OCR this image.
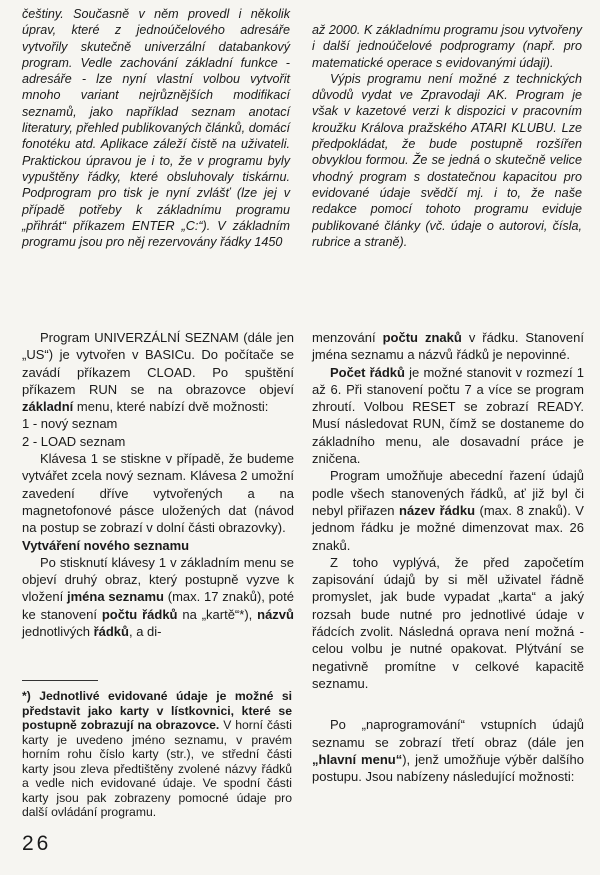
češtiny. Současně v něm provedl i několik úprav, které z jednoúčelového adresáře vytvořily skutečně univerzální databankový program. Vedle zachování základní funkce - adresáře - lze nyní vlastní volbou vytvořit mnoho variant nejrůznějších modifikací seznamů, jako například seznam anotací literatury, přehled publikovaných článků, domácí fonotéku atd. Aplikace záleží čistě na uživateli. Praktickou úpravou je i to, že v programu byly vypuštěny řádky, které obsluhovaly tiskárnu. Podprogram pro tisk je nyní zvlášť (lze jej v případě potřeby k základnímu programu „přihrát“ příkazem ENTER „C:“). V základním programu jsou pro něj rezervovány řádky 1450

až 2000. K základnímu programu jsou vytvořeny i další jednoúčelové podprogramy (např. pro matematické operace s evidovanými údaji).

Výpis programu není možné z technických důvodů vydat ve Zpravodaji AK. Program je však v kazetové verzi k dispozici v pracovním kroužku Králova pražského ATARI KLUBU. Lze předpokládat, že bude postupně rozšířen obvyklou formou. Že se jedná o skutečně velice vhodný program s dostatečnou kapacitou pro evidované údaje svědčí mj. i to, že naše redakce pomocí tohoto programu eviduje publikované články (vč. údaje o autorovi, čísla, rubrice a straně).

Program UNIVERZÁLNÍ SEZNAM (dále jen „US“) je vytvořen v BASICu. Do počítače se zavádí příkazem CLOAD. Po spuštění příkazem RUN se na obrazovce objeví základní menu, které nabízí dvě možnosti:

1 - nový seznam

2 - LOAD seznam

Klávesa 1 se stiskne v případě, že budeme vytvářet zcela nový seznam. Klávesa 2 umožní zavedení dříve vytvořených a na magnetofonové pásce uložených dat (návod na postup se zobrazí v dolní části obrazovky).

Vytváření nového seznamu

Po stisknutí klávesy 1 v základním menu se objeví druhý obraz, který postupně vyzve k vložení jména seznamu (max. 17 znaků), poté ke stanovení počtu řádků na „kartě“*), názvů jednotlivých řádků, a di-

*) Jednotlivé evidované údaje je možné si představit jako karty v lístkovnici, které se postupně zobrazují na obrazovce. V horní části karty je uvedeno jméno seznamu, v pravém horním rohu číslo karty (str.), ve střední části karty jsou zleva předtištěny zvolené názvy řádků a vedle nich evidované údaje. Ve spodní části karty jsou pak zobrazeny pomocné údaje pro další ovládání programu.

menzování počtu znaků v řádku. Stanovení jména seznamu a názvů řádků je nepovinné.

Počet řádků je možné stanovit v rozmezí 1 až 6. Při stanovení počtu 7 a více se program zhroutí. Volbou RESET se zobrazí READY. Musí následovat RUN, čímž se dostaneme do základního menu, ale dosavadní práce je zničena.

Program umožňuje abecední řazení údajů podle všech stanovených řádků, ať již byl či nebyl přiřazen název řádku (max. 8 znaků). V jednom řádku je možné dimenzovat max. 26 znaků.

Z toho vyplývá, že před započetím zapisování údajů by si měl uživatel řádně promyslet, jak bude vypadat „karta“ a jaký rozsah bude nutné pro jednotlivé údaje v řádcích zvolit. Následná oprava není možná - celou volbu je nutné opakovat. Plýtvání se negativně promítne v celkové kapacitě seznamu.

Po „naprogramování“ vstupních údajů seznamu se zobrazí třetí obraz (dále jen „hlavní menu“), jenž umožňuje výběr dalšího postupu. Jsou nabízeny následující možnosti:

26
